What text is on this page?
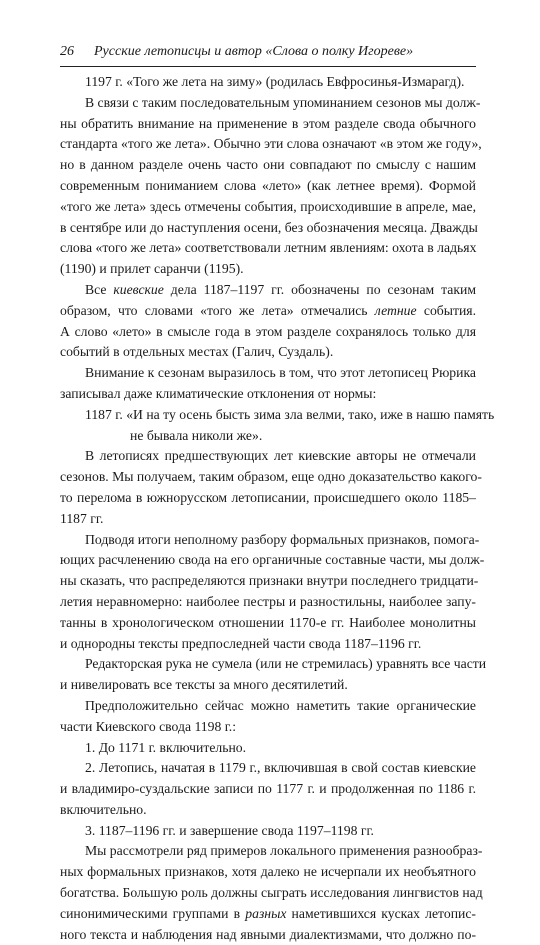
26 Русские летописцы и автор «Слова о полку Игореве»
1197 г. «Того же лета на зиму» (родилась Евфросинья-Измарагд).
В связи с таким последовательным упоминанием сезонов мы долж-
ны обратить внимание на применение в этом разделе свода обычного
стандарта «того же лета». Обычно эти слова означают «в этом же году»,
но в данном разделе очень часто они совпадают по смыслу с нашим
современным пониманием слова «лето» (как летнее время). Формой
«того же лета» здесь отмечены события, происходившие в апреле, мае,
в сентябре или до наступления осени, без обозначения месяца. Дважды
слова «того же лета» соответствовали летним явлениям: охота в ладьях
(1190) и прилет саранчи (1195).
Все киевские дела 1187–1197 гг. обозначены по сезонам таким
образом, что словами «того же лета» отмечались летние события.
А слово «лето» в смысле года в этом разделе сохранялось только для
событий в отдельных местах (Галич, Суздаль).
Внимание к сезонам выразилось в том, что этот летописец Рюрика
записывал даже климатические отклонения от нормы:
1187 г. «И на ту осень бысть зима зла велми, тако, иже в нашю память
не бывала николи же».
В летописях предшествующих лет киевские авторы не отмечали
сезонов. Мы получаем, таким образом, еще одно доказательство какого-
то перелома в южнорусском летописании, происшедшего около 1185–
1187 гг.
Подводя итоги неполному разбору формальных признаков, помога-
ющих расчленению свода на его органичные составные части, мы долж-
ны сказать, что распределяются признаки внутри последнего тридцати-
летия неравномерно: наиболее пестры и разностильны, наиболее запу-
танны в хронологическом отношении 1170-е гг. Наиболее монолитны
и однородны тексты предпоследней части свода 1187–1196 гг.
Редакторская рука не сумела (или не стремилась) уравнять все части
и нивелировать все тексты за много десятилетий.
Предположительно сейчас можно наметить такие органические
части Киевского свода 1198 г.:
1. До 1171 г. включительно.
2. Летопись, начатая в 1179 г., включившая в свой состав киевские
и владимиро-суздальские записи по 1177 г. и продолженная по 1186 г.
включительно.
3. 1187–1196 гг. и завершение свода 1197–1198 гг.
Мы рассмотрели ряд примеров локального применения разнообраз-
ных формальных признаков, хотя далеко не исчерпали их необъятного
богатства. Большую роль должны сыграть исследования лингвистов над
синонимическими группами в разных наметившихся кусках летопис-
ного текста и наблюдения над явными диалектизмами, что должно по-
